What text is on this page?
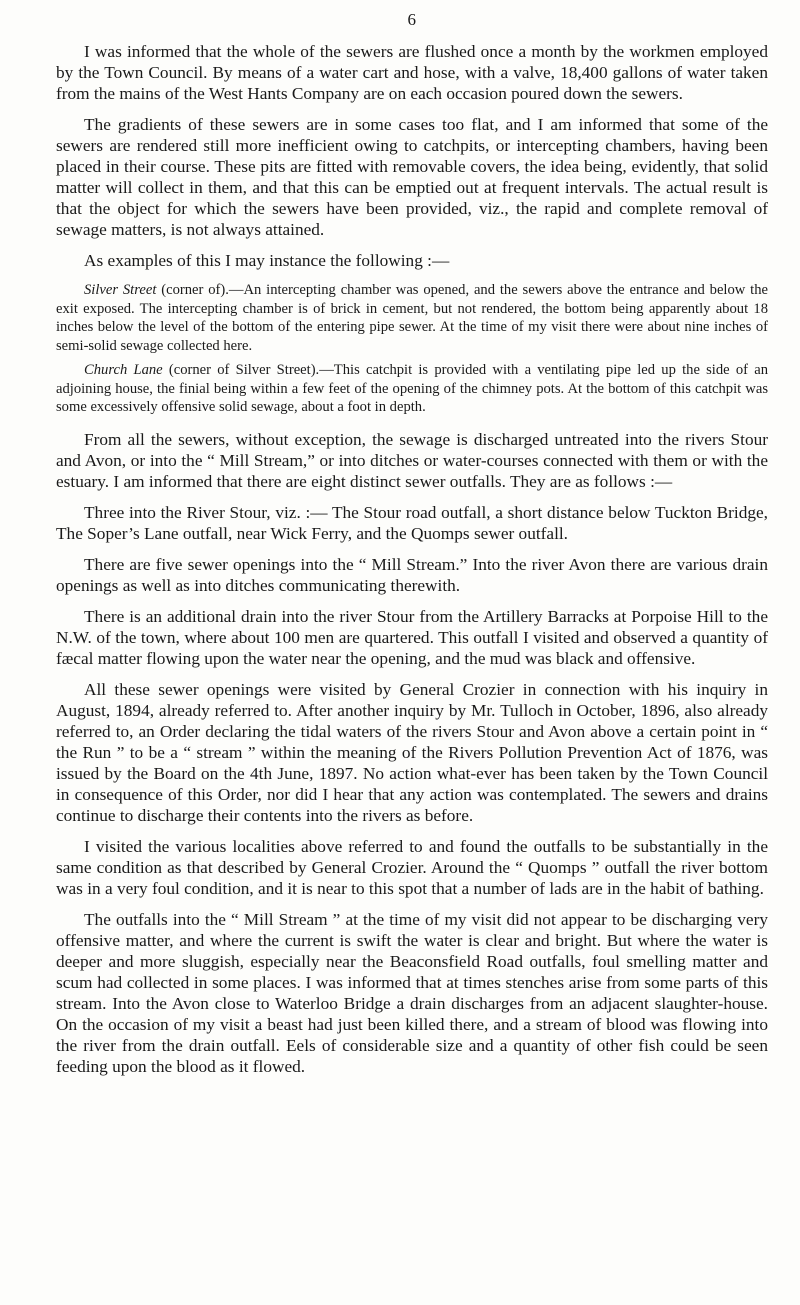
6

I was informed that the whole of the sewers are flushed once a month by the workmen employed by the Town Council. By means of a water cart and hose, with a valve, 18,400 gallons of water taken from the mains of the West Hants Company are on each occasion poured down the sewers.

The gradients of these sewers are in some cases too flat, and I am informed that some of the sewers are rendered still more inefficient owing to catchpits, or intercepting chambers, having been placed in their course. These pits are fitted with removable covers, the idea being, evidently, that solid matter will collect in them, and that this can be emptied out at frequent intervals. The actual result is that the object for which the sewers have been provided, viz., the rapid and complete removal of sewage matters, is not always attained.

As examples of this I may instance the following :—

Silver Street (corner of).—An intercepting chamber was opened, and the sewers above the entrance and below the exit exposed. The intercepting chamber is of brick in cement, but not rendered, the bottom being apparently about 18 inches below the level of the bottom of the entering pipe sewer. At the time of my visit there were about nine inches of semi-solid sewage collected here.

Church Lane (corner of Silver Street).—This catchpit is provided with a ventilating pipe led up the side of an adjoining house, the finial being within a few feet of the opening of the chimney pots. At the bottom of this catchpit was some excessively offensive solid sewage, about a foot in depth.

From all the sewers, without exception, the sewage is discharged untreated into the rivers Stour and Avon, or into the “ Mill Stream,” or into ditches or water-courses connected with them or with the estuary. I am informed that there are eight distinct sewer outfalls. They are as follows :—

Three into the River Stour, viz. :— The Stour road outfall, a short distance below Tuckton Bridge, The Soper’s Lane outfall, near Wick Ferry, and the Quomps sewer outfall.

There are five sewer openings into the “ Mill Stream.” Into the river Avon there are various drain openings as well as into ditches communicating therewith.

There is an additional drain into the river Stour from the Artillery Barracks at Porpoise Hill to the N.W. of the town, where about 100 men are quartered. This outfall I visited and observed a quantity of fæcal matter flowing upon the water near the opening, and the mud was black and offensive.

All these sewer openings were visited by General Crozier in connection with his inquiry in August, 1894, already referred to. After another inquiry by Mr. Tulloch in October, 1896, also already referred to, an Order declaring the tidal waters of the rivers Stour and Avon above a certain point in “ the Run ” to be a “ stream ” within the meaning of the Rivers Pollution Prevention Act of 1876, was issued by the Board on the 4th June, 1897. No action what-ever has been taken by the Town Council in consequence of this Order, nor did I hear that any action was contemplated. The sewers and drains continue to discharge their contents into the rivers as before.

I visited the various localities above referred to and found the outfalls to be substantially in the same condition as that described by General Crozier. Around the “ Quomps ” outfall the river bottom was in a very foul condition, and it is near to this spot that a number of lads are in the habit of bathing.

The outfalls into the “ Mill Stream ” at the time of my visit did not appear to be discharging very offensive matter, and where the current is swift the water is clear and bright. But where the water is deeper and more sluggish, especially near the Beaconsfield Road outfalls, foul smelling matter and scum had collected in some places. I was informed that at times stenches arise from some parts of this stream. Into the Avon close to Waterloo Bridge a drain discharges from an adjacent slaughter-house. On the occasion of my visit a beast had just been killed there, and a stream of blood was flowing into the river from the drain outfall. Eels of considerable size and a quantity of other fish could be seen feeding upon the blood as it flowed.
